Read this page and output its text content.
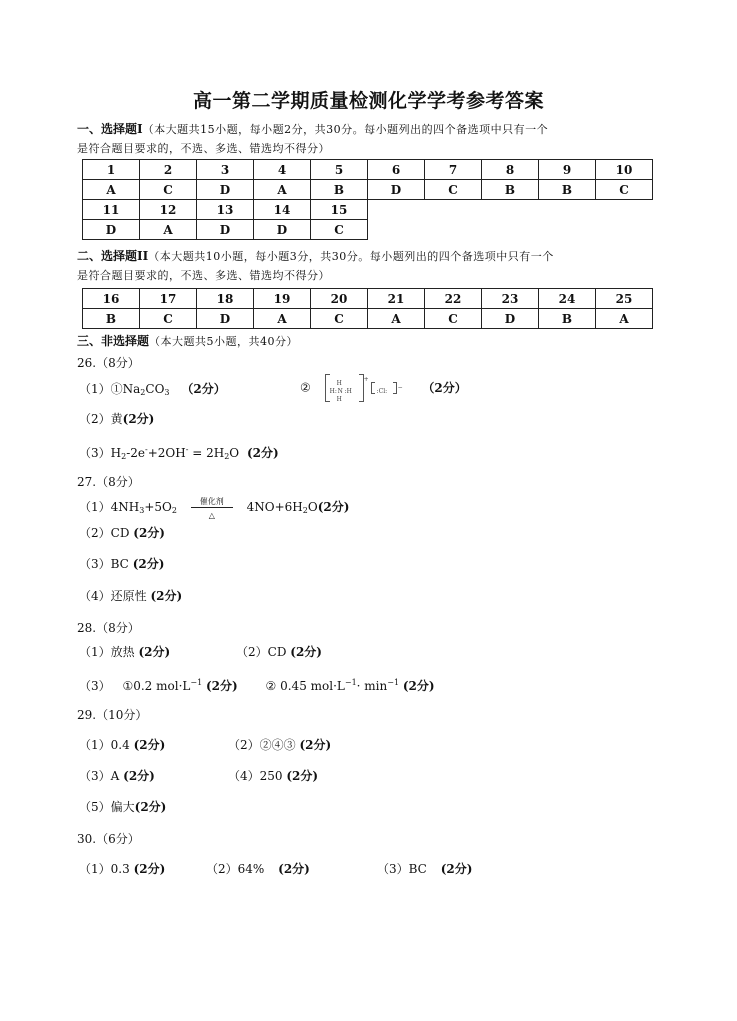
高一第二学期质量检测化学学考参考答案
一、选择题Ⅰ（本大题共15小题，每小题2分，共30分。每小题列出的四个备选项中只有一个
是符合题目要求的，不选、多选、错选均不得分）
1	2	3	4	5	6	7	8	9	10
A	C	D	A	B	D	C	B	B	C
11	12	13	14	15					
D	A	D	D	C					
二、选择题II（本大题共10小题，每小题3分，共30分。每小题列出的四个备选项中只有一个
是符合题目要求的，不选、多选、错选均不得分）
16	17	18	19	20	21	22	23	24	25
B	C	D	A	C	A	C	D	B	A
三、非选择题（本大题共5小题，共40分）
26.（8分）
$(1)①Na_2CO_3$ （2分）	②	H
H: N :H
H
+
:Cl:
− （2分）
（2）黄(2分)
$(3)H_2-2e^-+2OH^- = 2H_2O$ (2分)
27.（8分）
$(1)4NH_3+5O_2$
催化剂
△
$4NO+6H_2O(2$分)
（2）CD (2分)
（3）BC (2分)
（4）还原性 (2分)
28.（8分）
（1）放热 (2分)	（2）CD (2分)
（3） ①0.2 $mol\cdot L^{-1}$ (2分) ② 0.45 $mol\cdot L^{-1}\cdot \min^{-1} (2$分)
29.（10分）
（1）0.4 (2分)	（2）②④③ (2分)
（3）A (2分)	（4）250 (2分)
（5）偏大(2分)
30.（6分）
（1）0.3 (2分)	（2）64% (2分)	（3）BC (2分)
